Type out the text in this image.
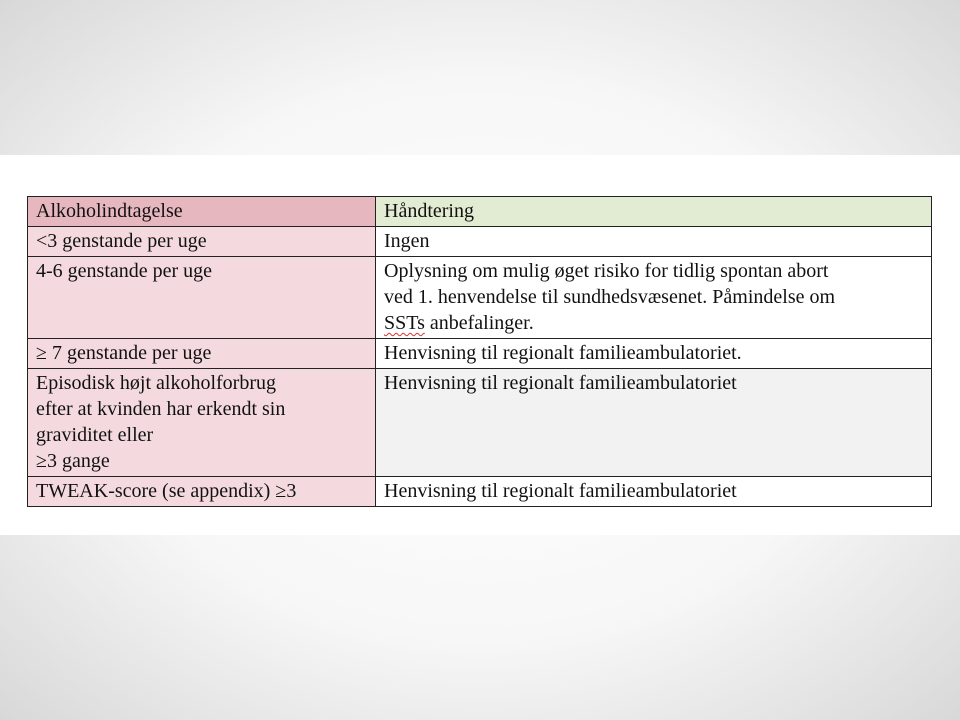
Alkoholindtagelse	Håndtering

<3 genstande per uge	Ingen

4-6 genstande per uge	Oplysning om mulig øget risiko for tidlig spontan abort
ved 1. henvendelse til sundhedsvæsenet. Påmindelse om
SSTs anbefalinger.

≥ 7 genstande per uge	Henvisning til regionalt familieambulatoriet.

Episodisk højt alkoholforbrug
efter at kvinden har erkendt sin
graviditet eller
≥3 gange	Henvisning til regionalt familieambulatoriet

TWEAK-score (se appendix) ≥3	Henvisning til regionalt familieambulatoriet
